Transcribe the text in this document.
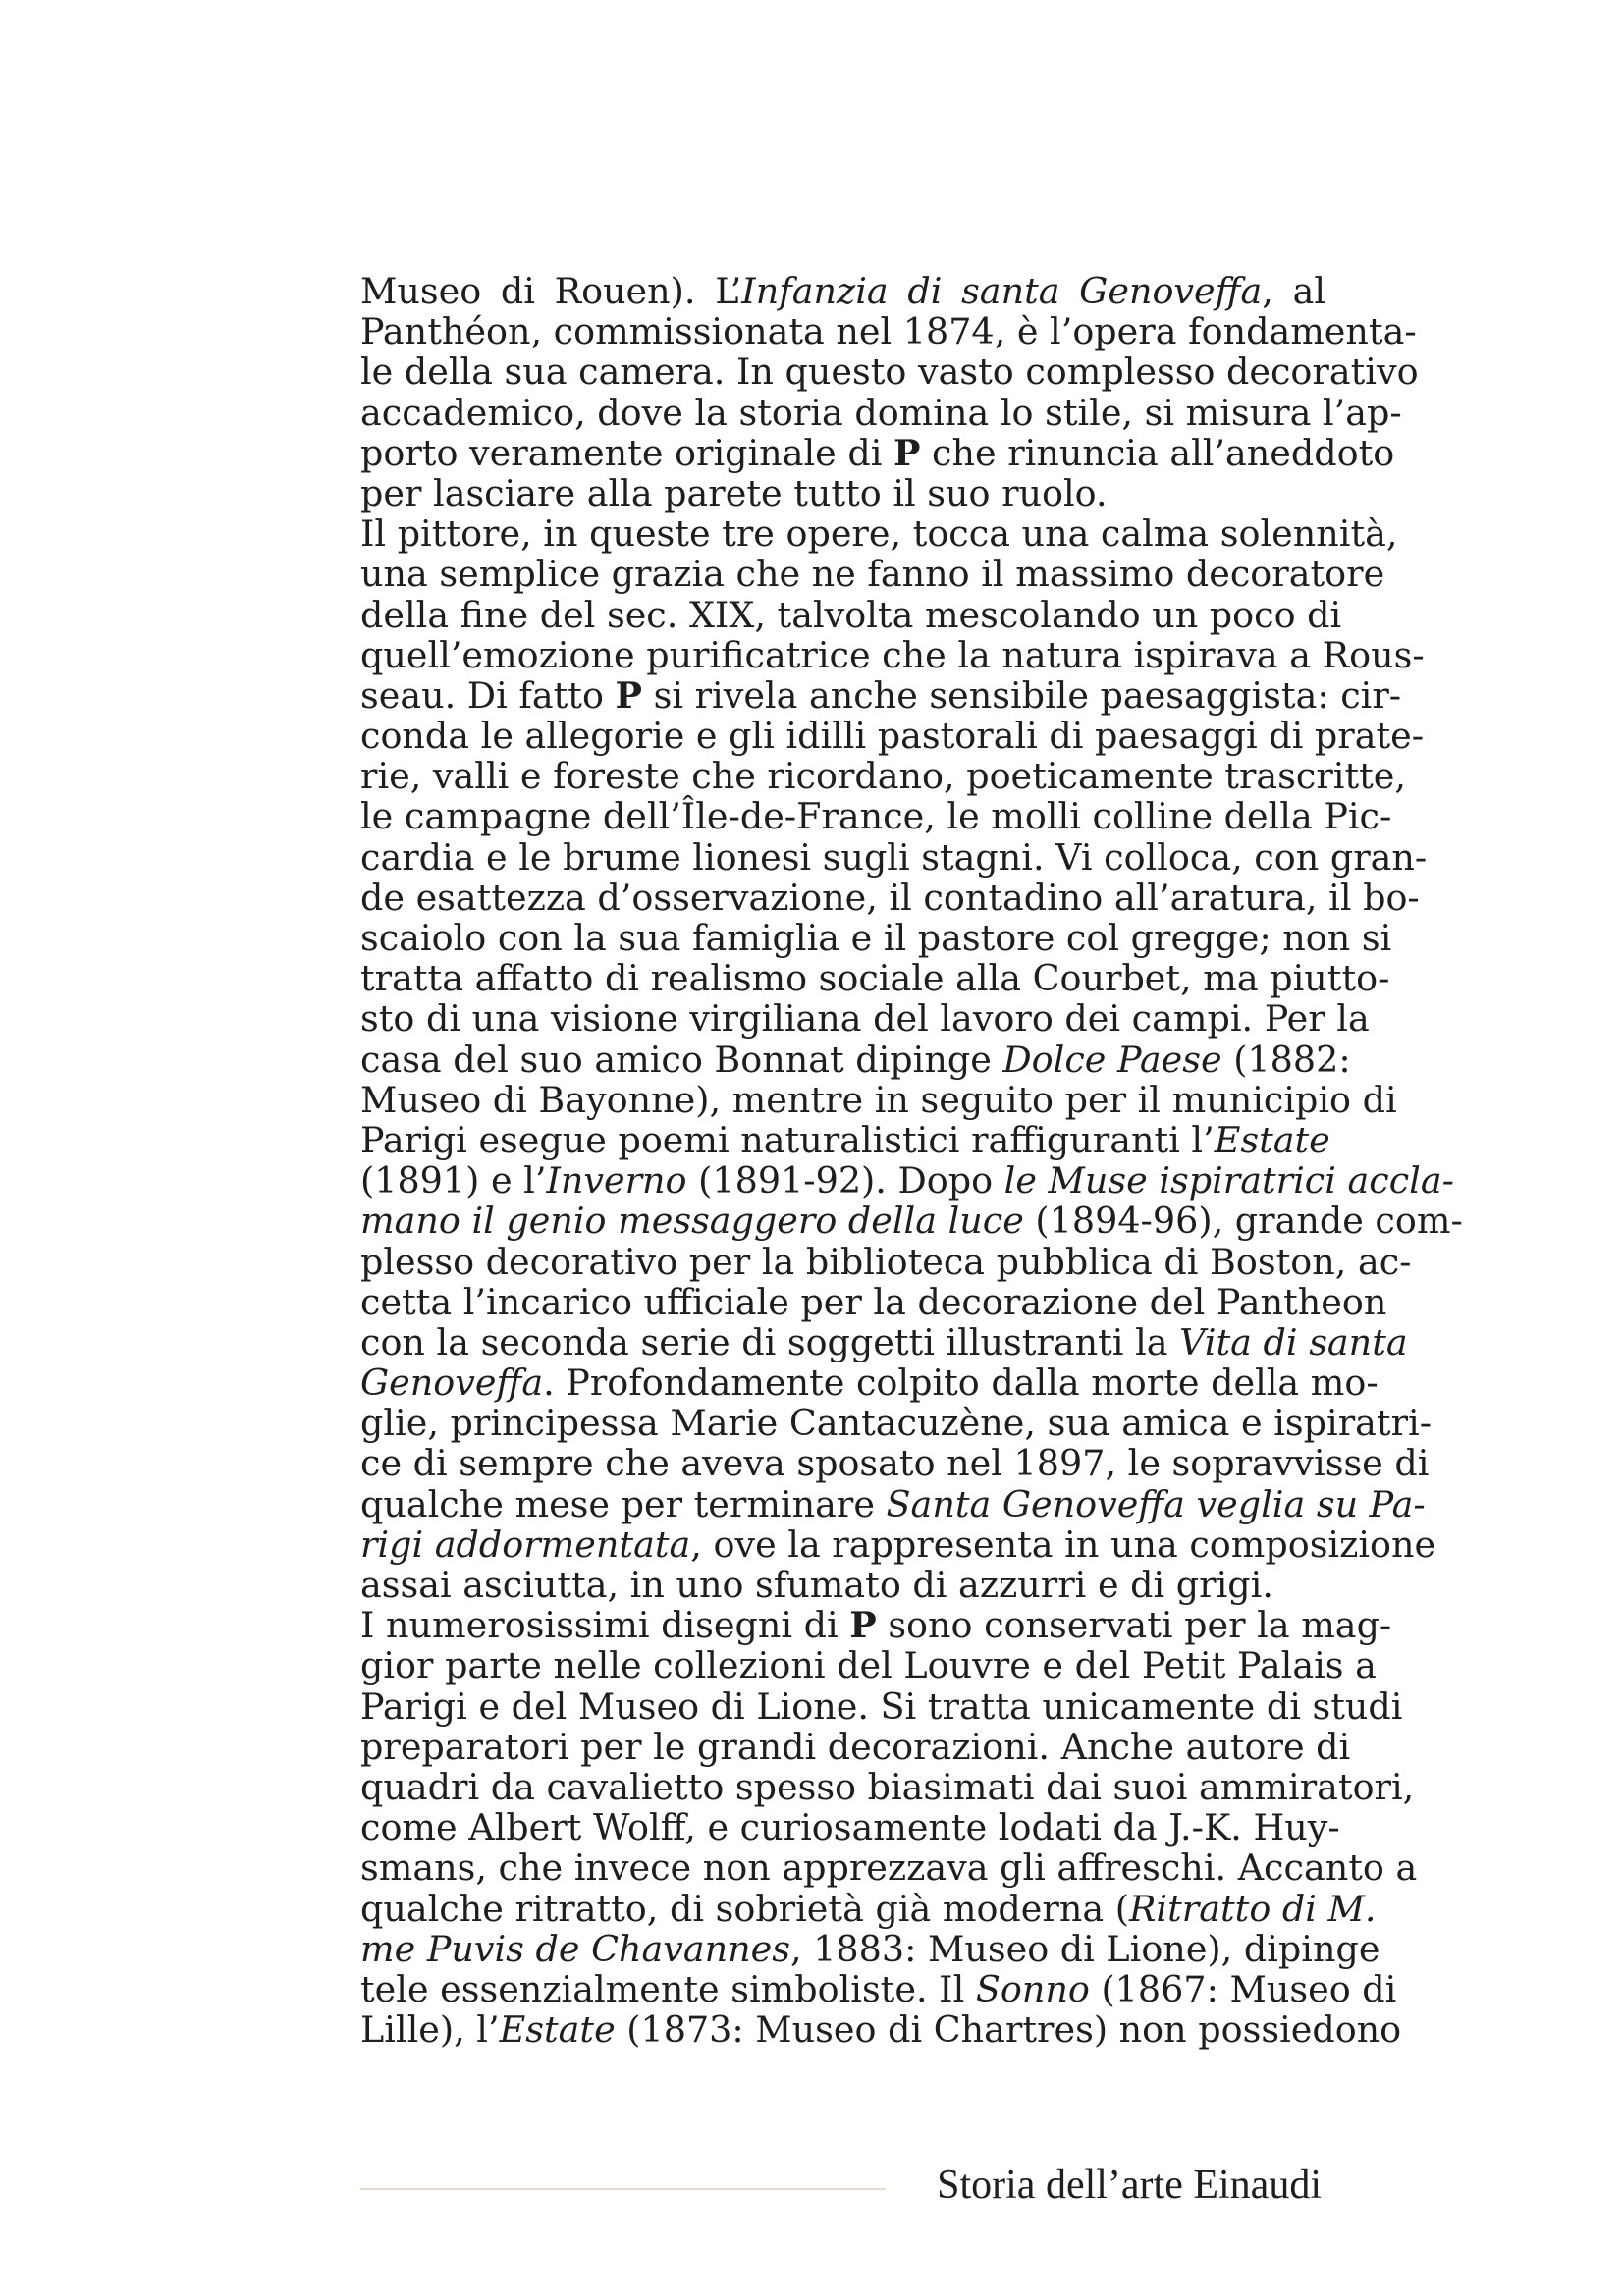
Museo di Rouen). L’Infanzia di santa Genoveffa, al
Panthéon, commissionata nel 1874, è l’opera fondamenta-
le della sua camera. In questo vasto complesso decorativo
accademico, dove la storia domina lo stile, si misura l’ap-
porto veramente originale di P che rinuncia all’aneddoto
per lasciare alla parete tutto il suo ruolo.
Il pittore, in queste tre opere, tocca una calma solennità,
una semplice grazia che ne fanno il massimo decoratore
della fine del sec. XIX, talvolta mescolando un poco di
quell’emozione purificatrice che la natura ispirava a Rous-
seau. Di fatto P si rivela anche sensibile paesaggista: cir-
conda le allegorie e gli idilli pastorali di paesaggi di prate-
rie, valli e foreste che ricordano, poeticamente trascritte,
le campagne dell’Île-de-France, le molli colline della Pic-
cardia e le brume lionesi sugli stagni. Vi colloca, con gran-
de esattezza d’osservazione, il contadino all’aratura, il bo-
scaiolo con la sua famiglia e il pastore col gregge; non si
tratta affatto di realismo sociale alla Courbet, ma piutto-
sto di una visione virgiliana del lavoro dei campi. Per la
casa del suo amico Bonnat dipinge Dolce Paese (1882:
Museo di Bayonne), mentre in seguito per il municipio di
Parigi esegue poemi naturalistici raffiguranti l’Estate
(1891) e l’Inverno (1891-92). Dopo le Muse ispiratrici accla-
mano il genio messaggero della luce (1894-96), grande com-
plesso decorativo per la biblioteca pubblica di Boston, ac-
cetta l’incarico ufficiale per la decorazione del Pantheon
con la seconda serie di soggetti illustranti la Vita di santa
Genoveffa. Profondamente colpito dalla morte della mo-
glie, principessa Marie Cantacuzène, sua amica e ispiratri-
ce di sempre che aveva sposato nel 1897, le sopravvisse di
qualche mese per terminare Santa Genoveffa veglia su Pa-
rigi addormentata, ove la rappresenta in una composizione
assai asciutta, in uno sfumato di azzurri e di grigi.
I numerosissimi disegni di P sono conservati per la mag-
gior parte nelle collezioni del Louvre e del Petit Palais a
Parigi e del Museo di Lione. Si tratta unicamente di studi
preparatori per le grandi decorazioni. Anche autore di
quadri da cavalietto spesso biasimati dai suoi ammiratori,
come Albert Wolff, e curiosamente lodati da J.-K. Huy-
smans, che invece non apprezzava gli affreschi. Accanto a
qualche ritratto, di sobrietà già moderna (Ritratto di M.
me Puvis de Chavannes, 1883: Museo di Lione), dipinge
tele essenzialmente simboliste. Il Sonno (1867: Museo di
Lille), l’Estate (1873: Museo di Chartres) non possiedono
Storia dell’arte Einaudi
